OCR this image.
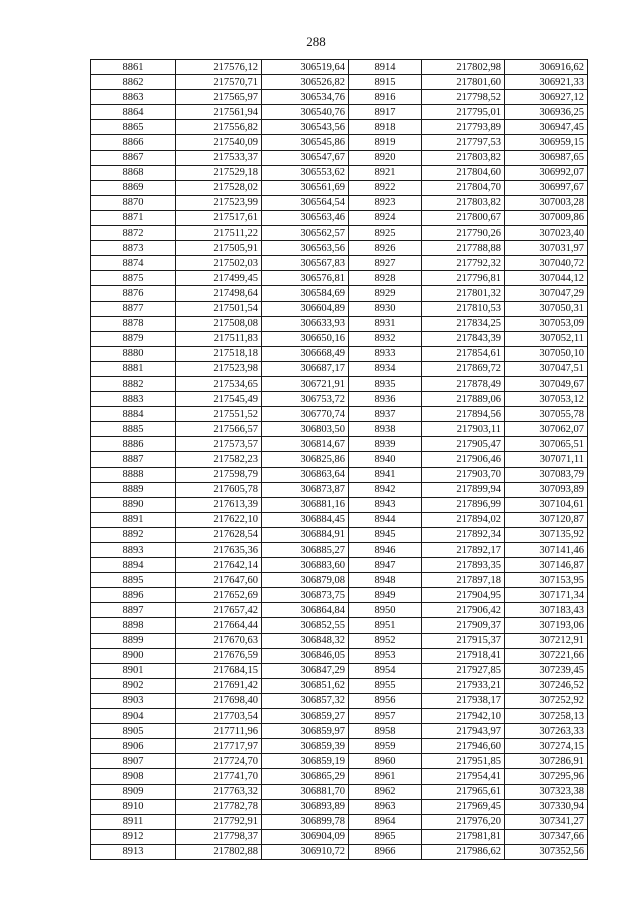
288
8861	217576,12	306519,64	8914	217802,98	306916,62
8862	217570,71	306526,82	8915	217801,60	306921,33
8863	217565,97	306534,76	8916	217798,52	306927,12
8864	217561,94	306540,76	8917	217795,01	306936,25
8865	217556,82	306543,56	8918	217793,89	306947,45
8866	217540,09	306545,86	8919	217797,53	306959,15
8867	217533,37	306547,67	8920	217803,82	306987,65
8868	217529,18	306553,62	8921	217804,60	306992,07
8869	217528,02	306561,69	8922	217804,70	306997,67
8870	217523,99	306564,54	8923	217803,82	307003,28
8871	217517,61	306563,46	8924	217800,67	307009,86
8872	217511,22	306562,57	8925	217790,26	307023,40
8873	217505,91	306563,56	8926	217788,88	307031,97
8874	217502,03	306567,83	8927	217792,32	307040,72
8875	217499,45	306576,81	8928	217796,81	307044,12
8876	217498,64	306584,69	8929	217801,32	307047,29
8877	217501,54	306604,89	8930	217810,53	307050,31
8878	217508,08	306633,93	8931	217834,25	307053,09
8879	217511,83	306650,16	8932	217843,39	307052,11
8880	217518,18	306668,49	8933	217854,61	307050,10
8881	217523,98	306687,17	8934	217869,72	307047,51
8882	217534,65	306721,91	8935	217878,49	307049,67
8883	217545,49	306753,72	8936	217889,06	307053,12
8884	217551,52	306770,74	8937	217894,56	307055,78
8885	217566,57	306803,50	8938	217903,11	307062,07
8886	217573,57	306814,67	8939	217905,47	307065,51
8887	217582,23	306825,86	8940	217906,46	307071,11
8888	217598,79	306863,64	8941	217903,70	307083,79
8889	217605,78	306873,87	8942	217899,94	307093,89
8890	217613,39	306881,16	8943	217896,99	307104,61
8891	217622,10	306884,45	8944	217894,02	307120,87
8892	217628,54	306884,91	8945	217892,34	307135,92
8893	217635,36	306885,27	8946	217892,17	307141,46
8894	217642,14	306883,60	8947	217893,35	307146,87
8895	217647,60	306879,08	8948	217897,18	307153,95
8896	217652,69	306873,75	8949	217904,95	307171,34
8897	217657,42	306864,84	8950	217906,42	307183,43
8898	217664,44	306852,55	8951	217909,37	307193,06
8899	217670,63	306848,32	8952	217915,37	307212,91
8900	217676,59	306846,05	8953	217918,41	307221,66
8901	217684,15	306847,29	8954	217927,85	307239,45
8902	217691,42	306851,62	8955	217933,21	307246,52
8903	217698,40	306857,32	8956	217938,17	307252,92
8904	217703,54	306859,27	8957	217942,10	307258,13
8905	217711,96	306859,97	8958	217943,97	307263,33
8906	217717,97	306859,39	8959	217946,60	307274,15
8907	217724,70	306859,19	8960	217951,85	307286,91
8908	217741,70	306865,29	8961	217954,41	307295,96
8909	217763,32	306881,70	8962	217965,61	307323,38
8910	217782,78	306893,89	8963	217969,45	307330,94
8911	217792,91	306899,78	8964	217976,20	307341,27
8912	217798,37	306904,09	8965	217981,81	307347,66
8913	217802,88	306910,72	8966	217986,62	307352,56
